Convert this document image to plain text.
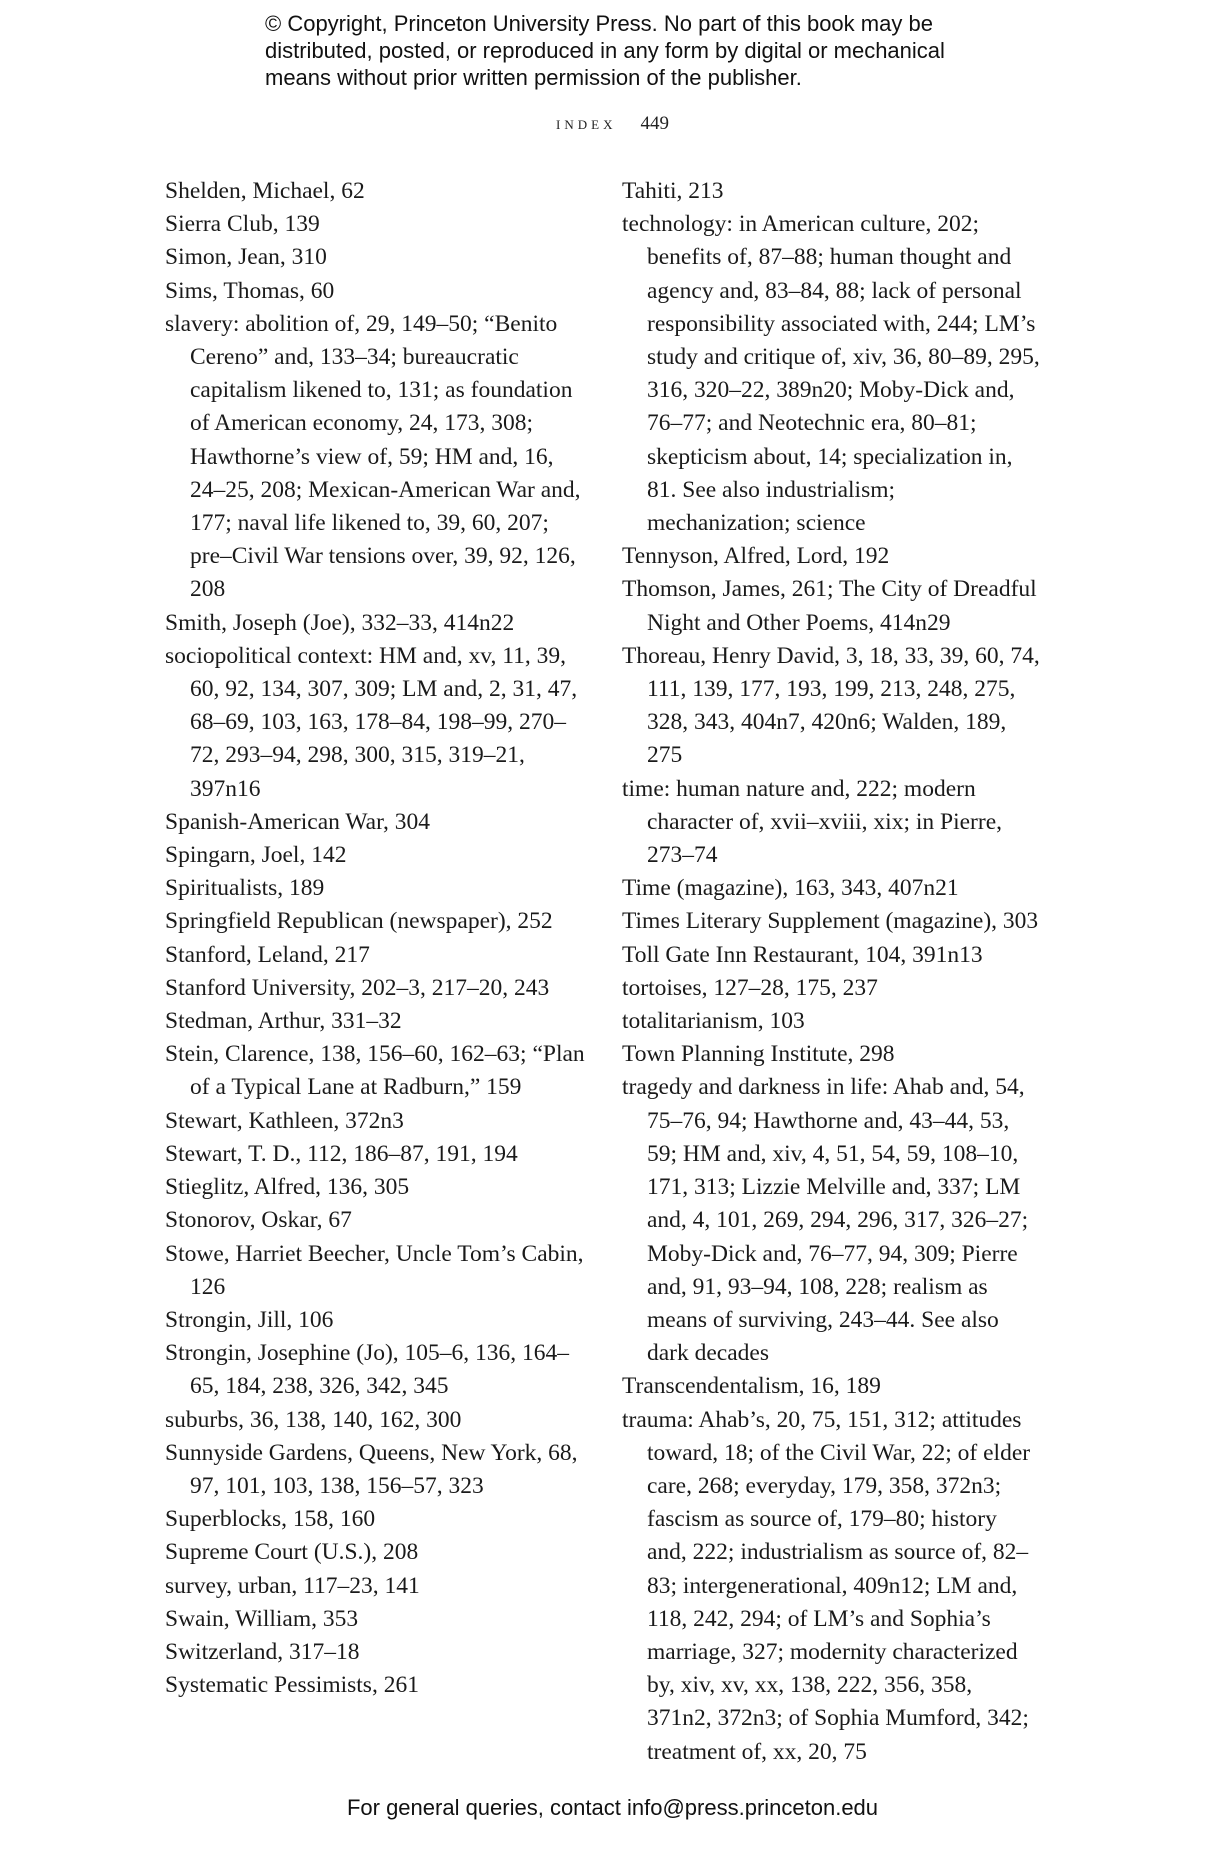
© Copyright, Princeton University Press. No part of this book may be distributed, posted, or reproduced in any form by digital or mechanical means without prior written permission of the publisher.
index 449
Shelden, Michael, 62
Sierra Club, 139
Simon, Jean, 310
Sims, Thomas, 60
slavery: abolition of, 29, 149–50; “Benito Cereno” and, 133–34; bureaucratic capitalism likened to, 131; as foundation of American economy, 24, 173, 308; Hawthorne’s view of, 59; HM and, 16, 24–25, 208; Mexican-American War and, 177; naval life likened to, 39, 60, 207; pre–Civil War tensions over, 39, 92, 126, 208
Smith, Joseph (Joe), 332–33, 414n22
sociopolitical context: HM and, xv, 11, 39, 60, 92, 134, 307, 309; LM and, 2, 31, 47, 68–69, 103, 163, 178–84, 198–99, 270–72, 293–94, 298, 300, 315, 319–21, 397n16
Spanish-American War, 304
Spingarn, Joel, 142
Spiritualists, 189
Springfield Republican (newspaper), 252
Stanford, Leland, 217
Stanford University, 202–3, 217–20, 243
Stedman, Arthur, 331–32
Stein, Clarence, 138, 156–60, 162–63; “Plan of a Typical Lane at Radburn,” 159
Stewart, Kathleen, 372n3
Stewart, T. D., 112, 186–87, 191, 194
Stieglitz, Alfred, 136, 305
Stonorov, Oskar, 67
Stowe, Harriet Beecher, Uncle Tom’s Cabin, 126
Strongin, Jill, 106
Strongin, Josephine (Jo), 105–6, 136, 164–65, 184, 238, 326, 342, 345
suburbs, 36, 138, 140, 162, 300
Sunnyside Gardens, Queens, New York, 68, 97, 101, 103, 138, 156–57, 323
Superblocks, 158, 160
Supreme Court (U.S.), 208
survey, urban, 117–23, 141
Swain, William, 353
Switzerland, 317–18
Systematic Pessimists, 261
Tahiti, 213
technology: in American culture, 202; benefits of, 87–88; human thought and agency and, 83–84, 88; lack of personal responsibility associated with, 244; LM’s study and critique of, xiv, 36, 80–89, 295, 316, 320–22, 389n20; Moby-Dick and, 76–77; and Neotechnic era, 80–81; skepticism about, 14; specialization in, 81. See also industrialism; mechanization; science
Tennyson, Alfred, Lord, 192
Thomson, James, 261; The City of Dreadful Night and Other Poems, 414n29
Thoreau, Henry David, 3, 18, 33, 39, 60, 74, 111, 139, 177, 193, 199, 213, 248, 275, 328, 343, 404n7, 420n6; Walden, 189, 275
time: human nature and, 222; modern character of, xvii–xviii, xix; in Pierre, 273–74
Time (magazine), 163, 343, 407n21
Times Literary Supplement (magazine), 303
Toll Gate Inn Restaurant, 104, 391n13
tortoises, 127–28, 175, 237
totalitarianism, 103
Town Planning Institute, 298
tragedy and darkness in life: Ahab and, 54, 75–76, 94; Hawthorne and, 43–44, 53, 59; HM and, xiv, 4, 51, 54, 59, 108–10, 171, 313; Lizzie Melville and, 337; LM and, 4, 101, 269, 294, 296, 317, 326–27; Moby-Dick and, 76–77, 94, 309; Pierre and, 91, 93–94, 108, 228; realism as means of surviving, 243–44. See also dark decades
Transcendentalism, 16, 189
trauma: Ahab’s, 20, 75, 151, 312; attitudes toward, 18; of the Civil War, 22; of elder care, 268; everyday, 179, 358, 372n3; fascism as source of, 179–80; history and, 222; industrialism as source of, 82–83; intergenerational, 409n12; LM and, 118, 242, 294; of LM’s and Sophia’s marriage, 327; modernity characterized by, xiv, xv, xx, 138, 222, 356, 358, 371n2, 372n3; of Sophia Mumford, 342; treatment of, xx, 20, 75
For general queries, contact info@press.princeton.edu
